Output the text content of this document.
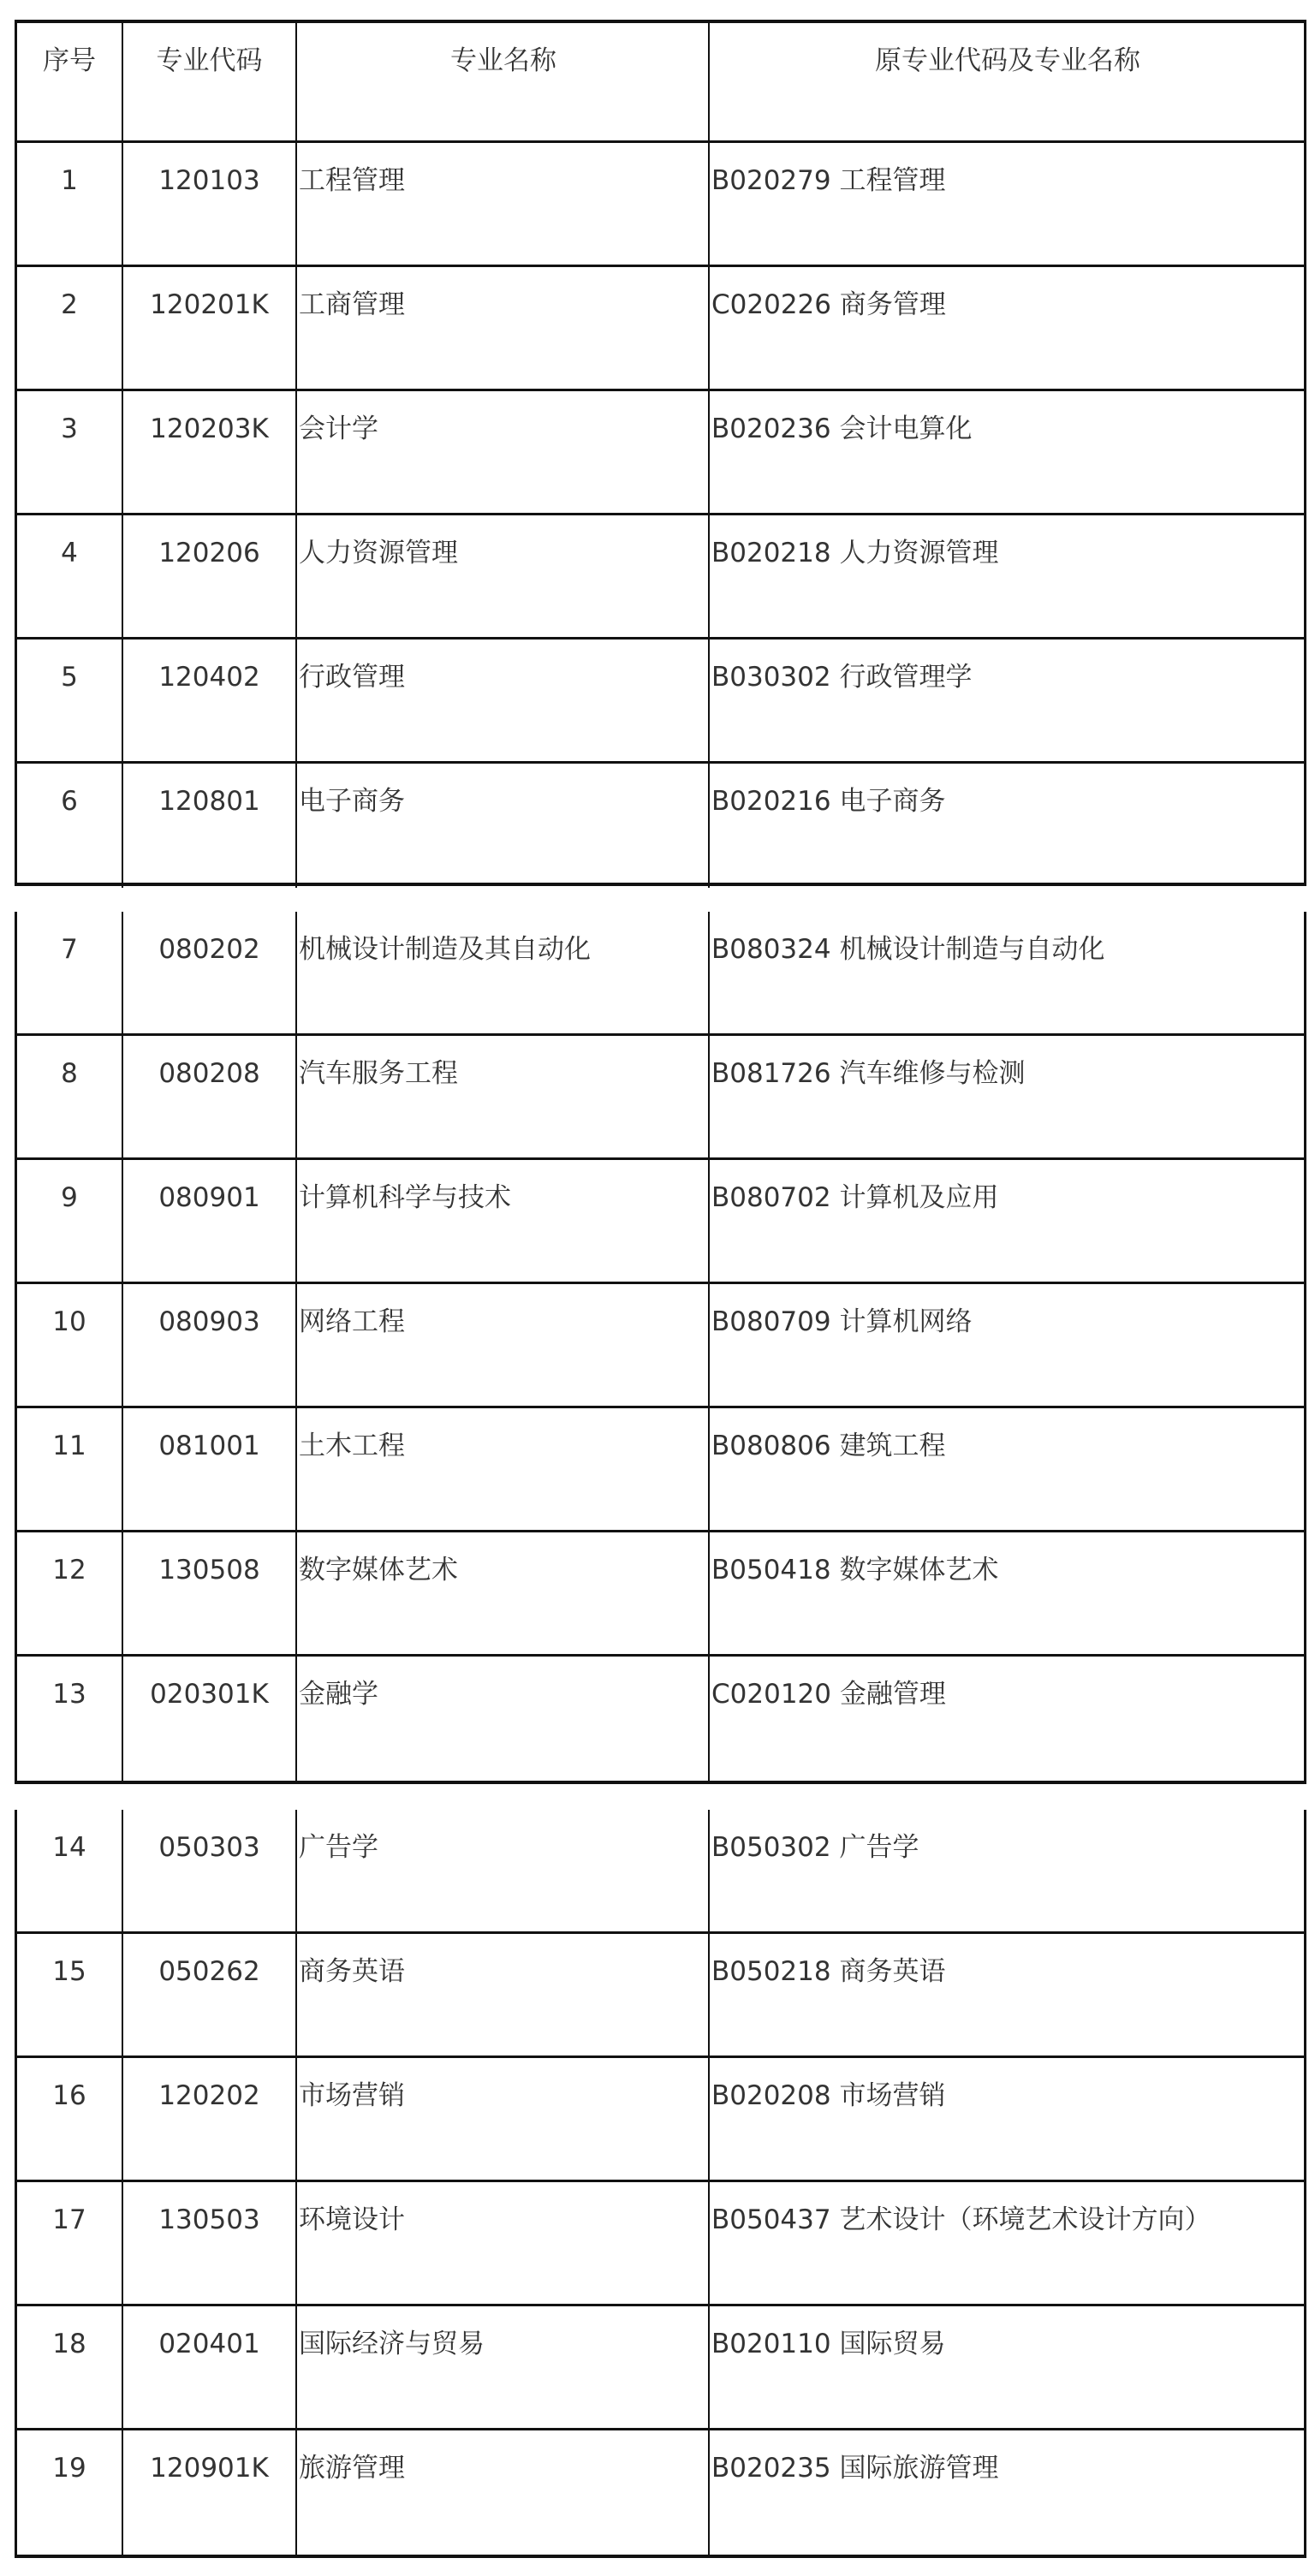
序号	专业代码	专业名称	原专业代码及专业名称
1	120103	工程管理	B020279 工程管理
2	120201K	工商管理	C020226 商务管理
3	120203K	会计学	B020236 会计电算化
4	120206	人力资源管理	B020218 人力资源管理
5	120402	行政管理	B030302 行政管理学
6	120801	电子商务	B020216 电子商务
7	080202	机械设计制造及其自动化	B080324 机械设计制造与自动化
8	080208	汽车服务工程	B081726 汽车维修与检测
9	080901	计算机科学与技术	B080702 计算机及应用
10	080903	网络工程	B080709 计算机网络
11	081001	土木工程	B080806 建筑工程
12	130508	数字媒体艺术	B050418 数字媒体艺术
13	020301K	金融学	C020120 金融管理
14	050303	广告学	B050302 广告学
15	050262	商务英语	B050218 商务英语
16	120202	市场营销	B020208 市场营销
17	130503	环境设计	B050437 艺术设计（环境艺术设计方向）
18	020401	国际经济与贸易	B020110 国际贸易
19	120901K	旅游管理	B020235 国际旅游管理
